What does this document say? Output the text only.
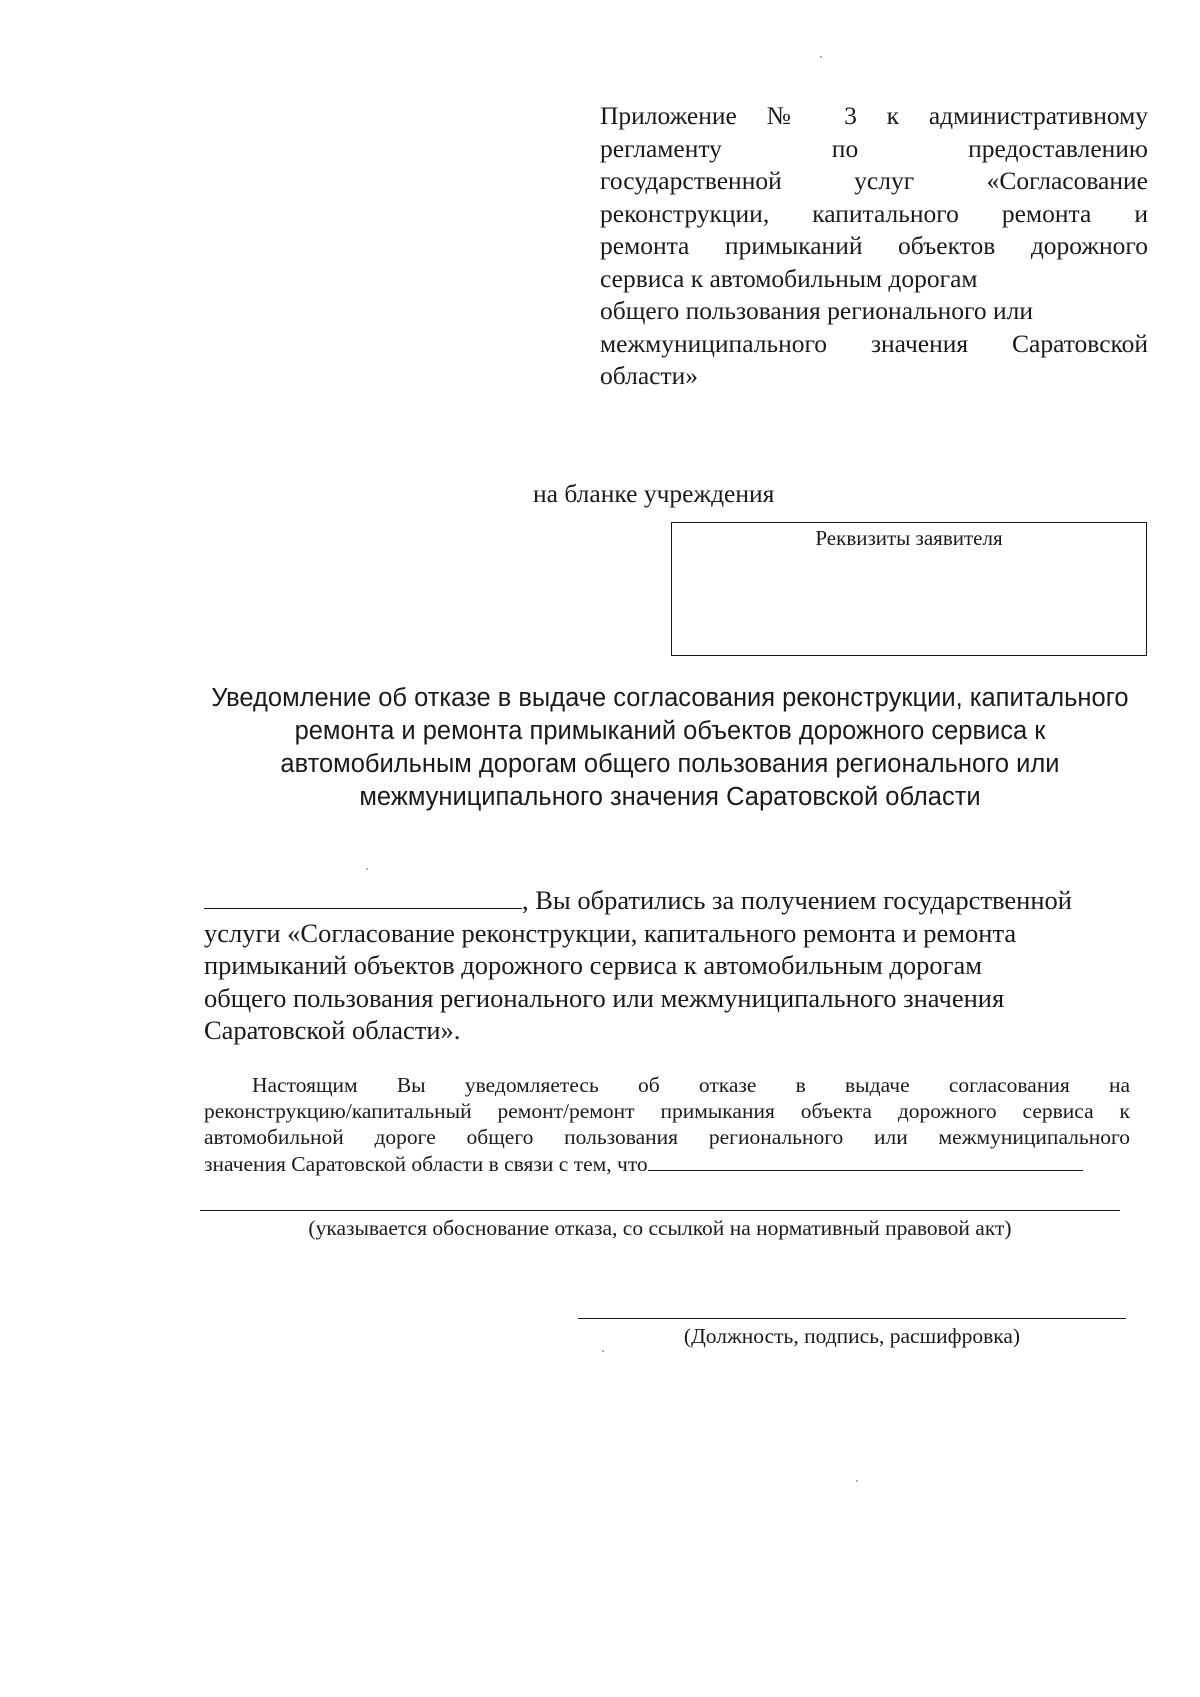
Приложение № 3 к административному
регламенту по предоставлению
государственной услуг «Согласование
реконструкции, капитального ремонта и
ремонта примыканий объектов дорожного
сервиса к автомобильным дорогам
общего пользования регионального или
межмуниципального значения Саратовской
области»

на бланке учреждения

Реквизиты заявителя
Уведомление об отказе в выдаче согласования реконструкции, капитального
ремонта и ремонта примыканий объектов дорожного сервиса к
автомобильным дорогам общего пользования регионального или
межмуниципального значения Саратовской области
, Вы обратились за получением государственной
услуги «Согласование реконструкции, капитального ремонта и ремонта
примыканий объектов дорожного сервиса к автомобильным дорогам
общего пользования регионального или межмуниципального значения
Саратовской области».
Настоящим Вы уведомляетесь об отказе в выдаче согласования на
реконструкцию/капитальный ремонт/ремонт примыкания объекта дорожного сервиса к
автомобильной дороге общего пользования регионального или межмуниципального
значения Саратовской области в связи с тем, что

(указывается обоснование отказа, со ссылкой на нормативный правовой акт)

(Должность, подпись, расшифровка)
